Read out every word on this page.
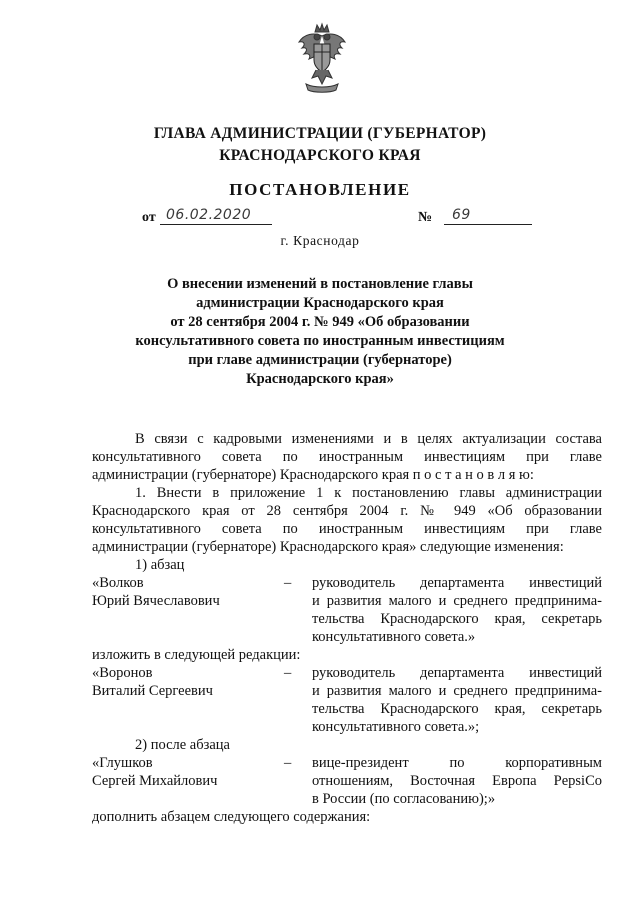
ГЛАВА АДМИНИСТРАЦИИ (ГУБЕРНАТОР)
КРАСНОДАРСКОГО КРАЯ
ПОСТАНОВЛЕНИЕ
от 06.02.2020	№ 69
г. Краснодар
О внесении изменений в постановление главы
администрации Краснодарского края
от 28 сентября 2004 г. № 949 «Об образовании
консультативного совета по иностранным инвестициям
при главе администрации (губернаторе)
Краснодарского края»
В связи с кадровыми изменениями и в целях актуализации состава
консультативного совета по иностранным инвестициям при главе
администрации (губернаторе) Краснодарского края п о с т а н о в л я ю:
1. Внести в приложение 1 к постановлению главы администрации
Краснодарского края от 28 сентября 2004 г. № 949 «Об образовании
консультативного совета по иностранным инвестициям при главе
администрации (губернаторе) Краснодарского края» следующие изменения:
1) абзац
«Волков
Юрий Вячеславович
– руководитель департамента инвестиций
и развития малого и среднего предпринима-
тельства Краснодарского края, секретарь
консультативного совета.»
изложить в следующей редакции:
«Воронов
Виталий Сергеевич
– руководитель департамента инвестиций
и развития малого и среднего предпринима-
тельства Краснодарского края, секретарь
консультативного совета.»;
2) после абзаца
«Глушков
Сергей Михайлович
– вице-президент по корпоративным
отношениям, Восточная Европа PepsiCo
в России (по согласованию);»
дополнить абзацем следующего содержания:
